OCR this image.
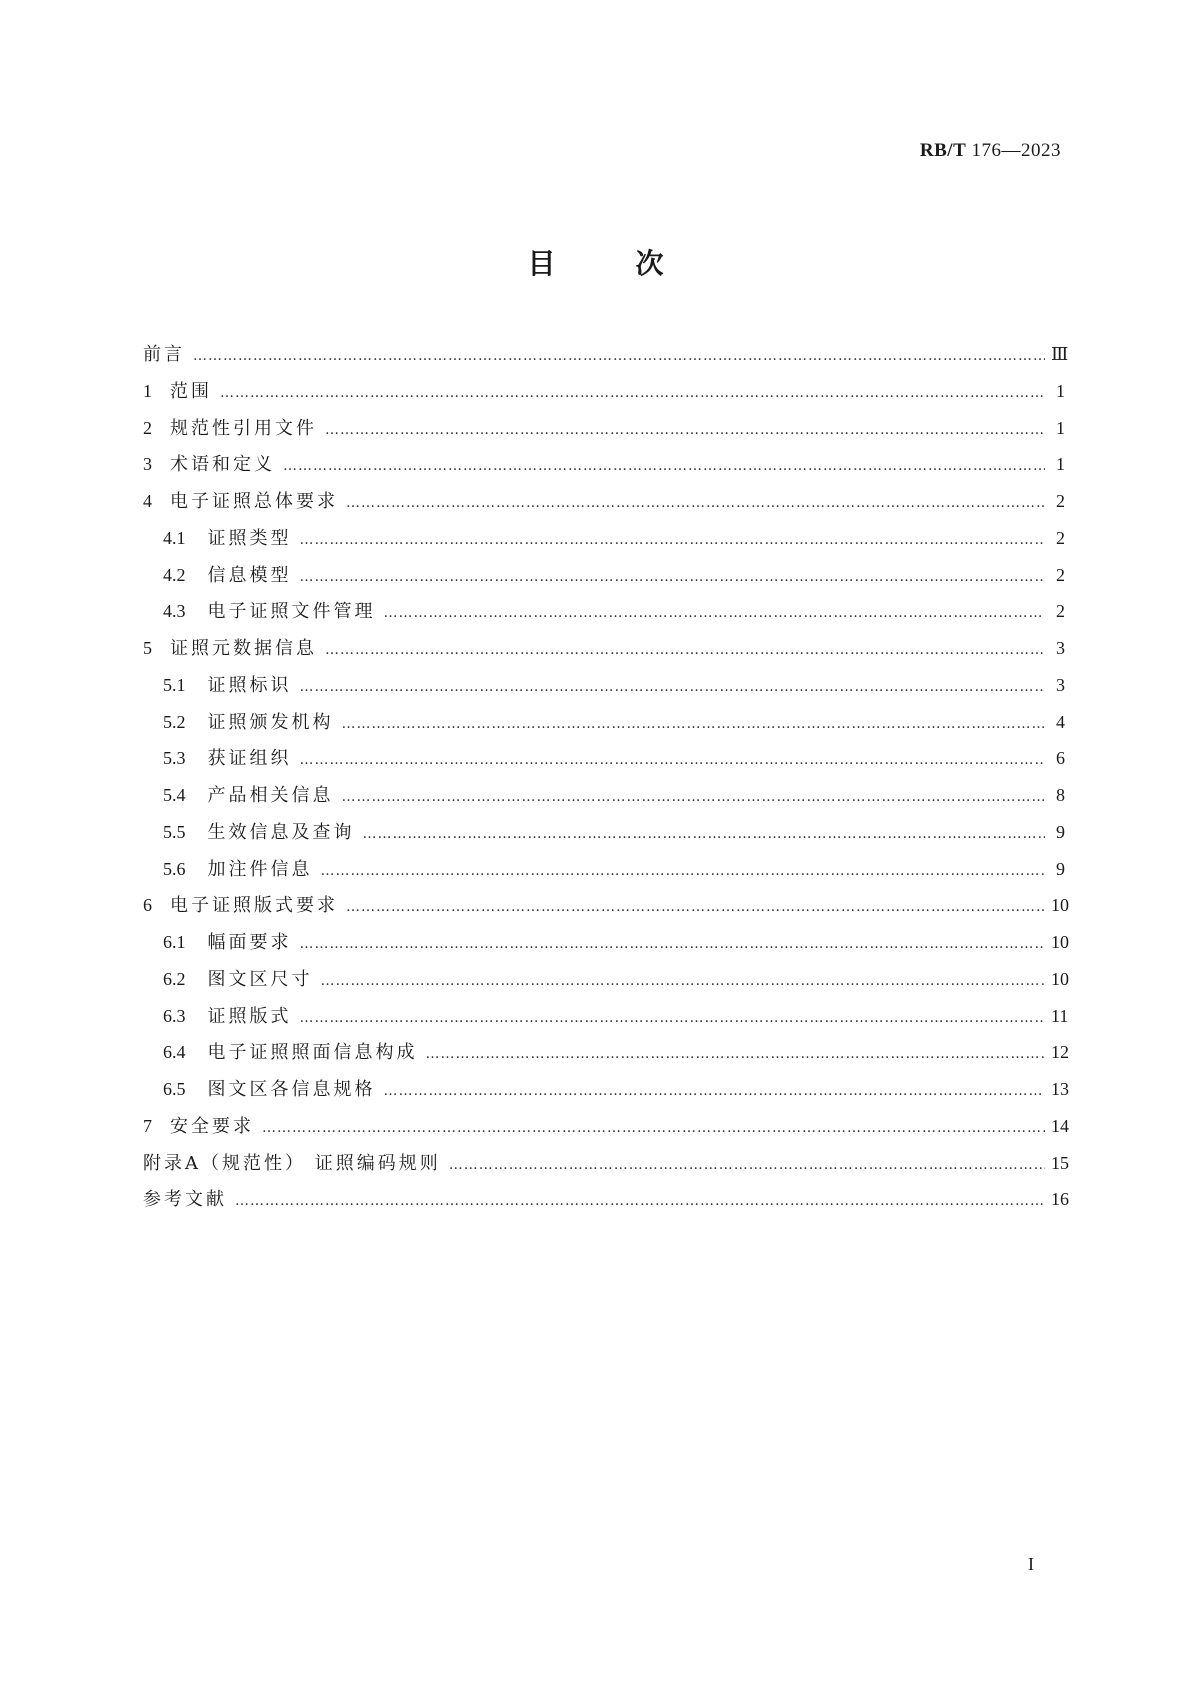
RB/T 176—2023
目	次
前言 ……………………………………………………………………………………………………………………………………………………………………………………………………………………………………	Ⅲ
1 范围 ……………………………………………………………………………………………………………………………………………………………………………………………………………………………………	1
2 规范性引用文件 ……………………………………………………………………………………………………………………………………………………………………………………………………………………………………	1
3 术语和定义 ……………………………………………………………………………………………………………………………………………………………………………………………………………………………………	1
4 电子证照总体要求 ……………………………………………………………………………………………………………………………………………………………………………………………………………………………………	2
4.1 证照类型 ……………………………………………………………………………………………………………………………………………………………………………………………………………………………………	2
4.2 信息模型 ……………………………………………………………………………………………………………………………………………………………………………………………………………………………………	2
4.3 电子证照文件管理 ……………………………………………………………………………………………………………………………………………………………………………………………………………………………………	2
5 证照元数据信息 ……………………………………………………………………………………………………………………………………………………………………………………………………………………………………	3
5.1 证照标识 ……………………………………………………………………………………………………………………………………………………………………………………………………………………………………	3
5.2 证照颁发机构 ……………………………………………………………………………………………………………………………………………………………………………………………………………………………………	4
5.3 获证组织 ……………………………………………………………………………………………………………………………………………………………………………………………………………………………………	6
5.4 产品相关信息 ……………………………………………………………………………………………………………………………………………………………………………………………………………………………………	8
5.5 生效信息及查询 ……………………………………………………………………………………………………………………………………………………………………………………………………………………………………	9
5.6 加注件信息 ……………………………………………………………………………………………………………………………………………………………………………………………………………………………………	9
6 电子证照版式要求 ……………………………………………………………………………………………………………………………………………………………………………………………………………………………………	10
6.1 幅面要求 ……………………………………………………………………………………………………………………………………………………………………………………………………………………………………	10
6.2 图文区尺寸 ……………………………………………………………………………………………………………………………………………………………………………………………………………………………………	10
6.3 证照版式 ……………………………………………………………………………………………………………………………………………………………………………………………………………………………………	11
6.4 电子证照照面信息构成 ……………………………………………………………………………………………………………………………………………………………………………………………………………………………………	12
6.5 图文区各信息规格 ……………………………………………………………………………………………………………………………………………………………………………………………………………………………………	13
7 安全要求 ……………………………………………………………………………………………………………………………………………………………………………………………………………………………………	14
附录A（规范性） 证照编码规则 ……………………………………………………………………………………………………………………………………………………………………………………………………………………………………	15
参考文献 ……………………………………………………………………………………………………………………………………………………………………………………………………………………………………	16
I
